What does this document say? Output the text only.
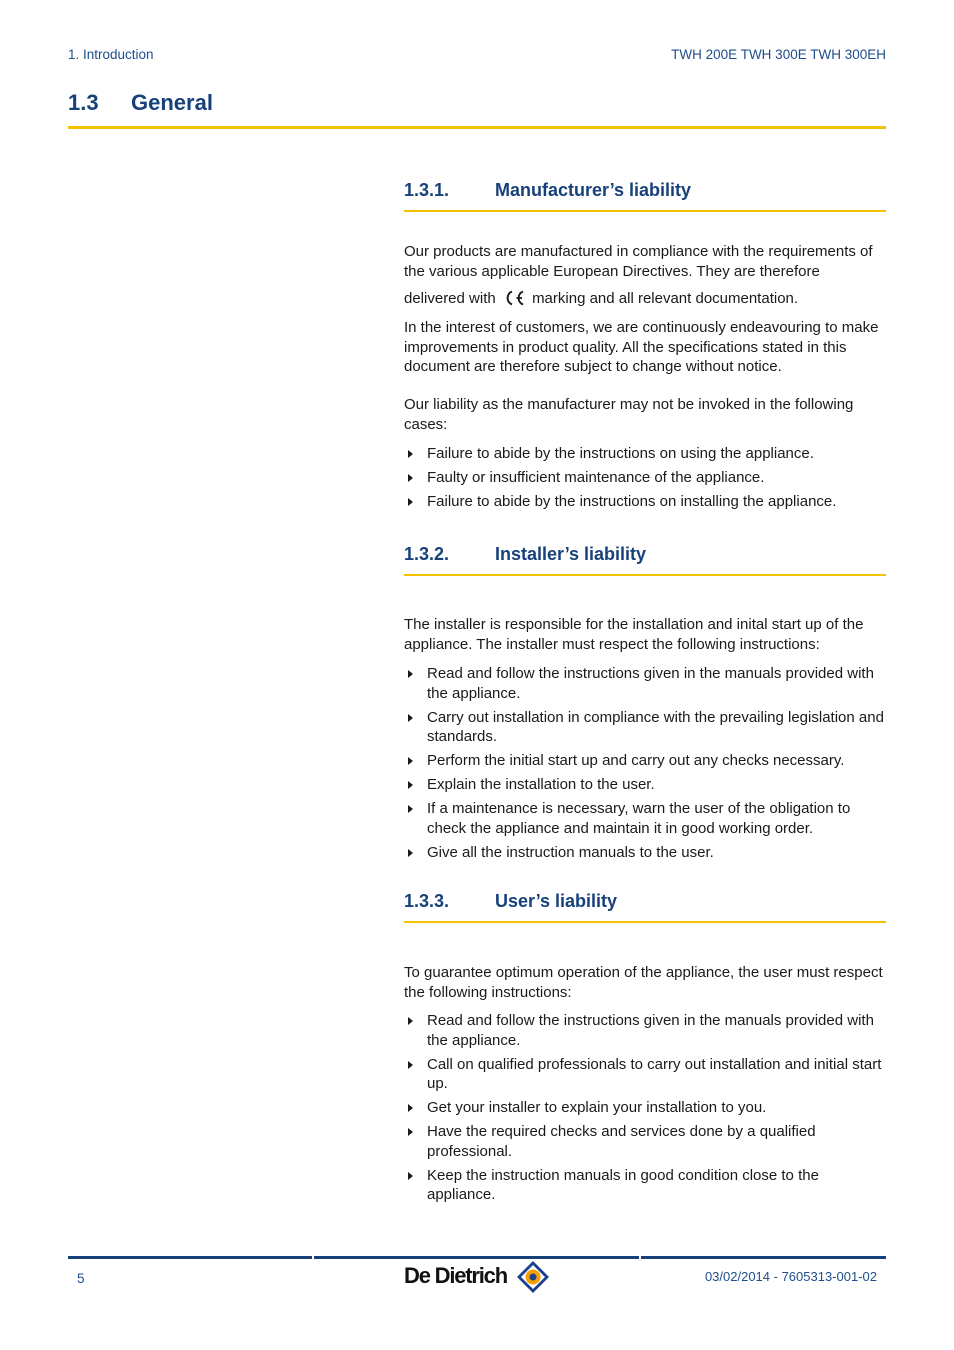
1. Introduction	TWH 200E TWH 300E TWH 300EH
1.3 General
1.3.1.	Manufacturer’s liability

Our products are manufactured in compliance with the requirements of the various applicable European Directives. They are therefore

delivered with marking and all relevant documentation.

In the interest of customers, we are continuously endeavouring to make improvements in product quality. All the specifications stated in this document are therefore subject to change without notice.

Our liability as the manufacturer may not be invoked in the following cases:

Failure to abide by the instructions on using the appliance.
Faulty or insufficient maintenance of the appliance.
Failure to abide by the instructions on installing the appliance.
1.3.2.	Installer’s liability

The installer is responsible for the installation and inital start up of the appliance. The installer must respect the following instructions:

Read and follow the instructions given in the manuals provided with the appliance.
Carry out installation in compliance with the prevailing legislation and standards.
Perform the initial start up and carry out any checks necessary.
Explain the installation to the user.
If a maintenance is necessary, warn the user of the obligation to check the appliance and maintain it in good working order.
Give all the instruction manuals to the user.
1.3.3.	User’s liability

To guarantee optimum operation of the appliance, the user must respect the following instructions:

Read and follow the instructions given in the manuals provided with the appliance.
Call on qualified professionals to carry out installation and initial start up.
Get your installer to explain your installation to you.
Have the required checks and services done by a qualified professional.
Keep the instruction manuals in good condition close to the appliance.
5	De Dietrich	03/02/2014 - 7605313-001-02
